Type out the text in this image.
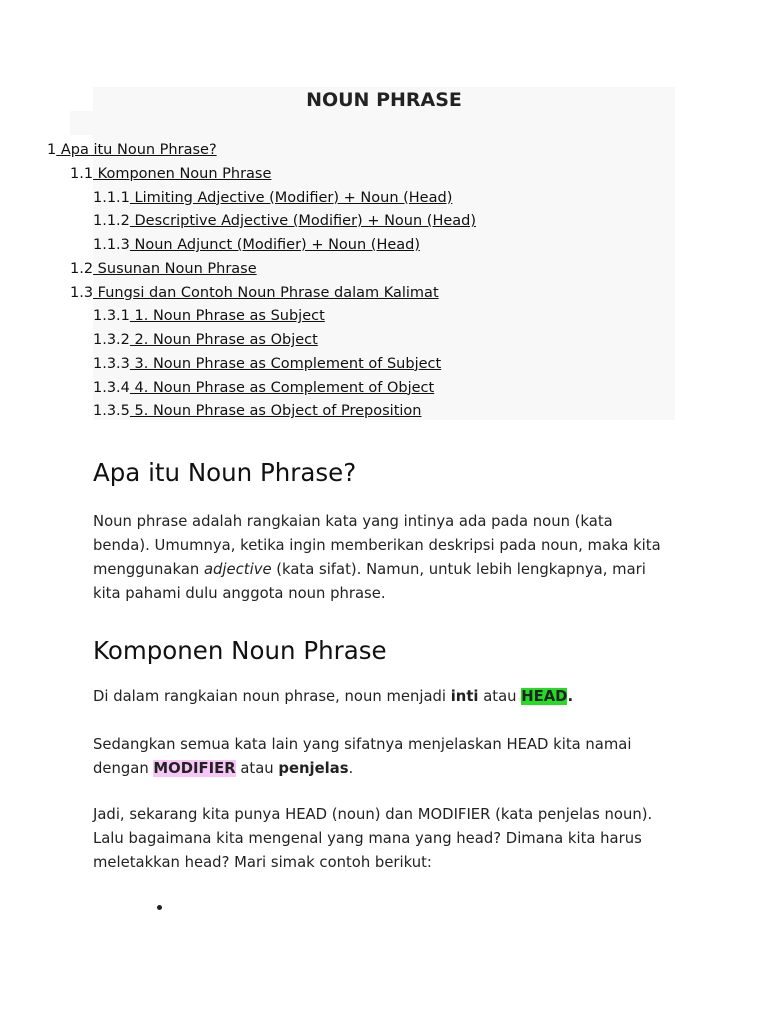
NOUN PHRASE
1 Apa itu Noun Phrase?
1.1 Komponen Noun Phrase
1.1.1 Limiting Adjective (Modifier) + Noun (Head)
1.1.2 Descriptive Adjective (Modifier) + Noun (Head)
1.1.3 Noun Adjunct (Modifier) + Noun (Head)
1.2 Susunan Noun Phrase
1.3 Fungsi dan Contoh Noun Phrase dalam Kalimat
1.3.1 1. Noun Phrase as Subject
1.3.2 2. Noun Phrase as Object
1.3.3 3. Noun Phrase as Complement of Subject
1.3.4 4. Noun Phrase as Complement of Object
1.3.5 5. Noun Phrase as Object of Preposition
Apa itu Noun Phrase?

Noun phrase adalah rangkaian kata yang intinya ada pada noun (kata benda). Umumnya, ketika ingin memberikan deskripsi pada noun, maka kita menggunakan adjective (kata sifat). Namun, untuk lebih lengkapnya, mari kita pahami dulu anggota noun phrase.

Komponen Noun Phrase

Di dalam rangkaian noun phrase, noun menjadi inti atau HEAD.

Sedangkan semua kata lain yang sifatnya menjelaskan HEAD kita namai dengan MODIFIER atau penjelas.

Jadi, sekarang kita punya HEAD (noun) dan MODIFIER (kata penjelas noun). Lalu bagaimana kita mengenal yang mana yang head? Dimana kita harus meletakkan head? Mari simak contoh berikut:
